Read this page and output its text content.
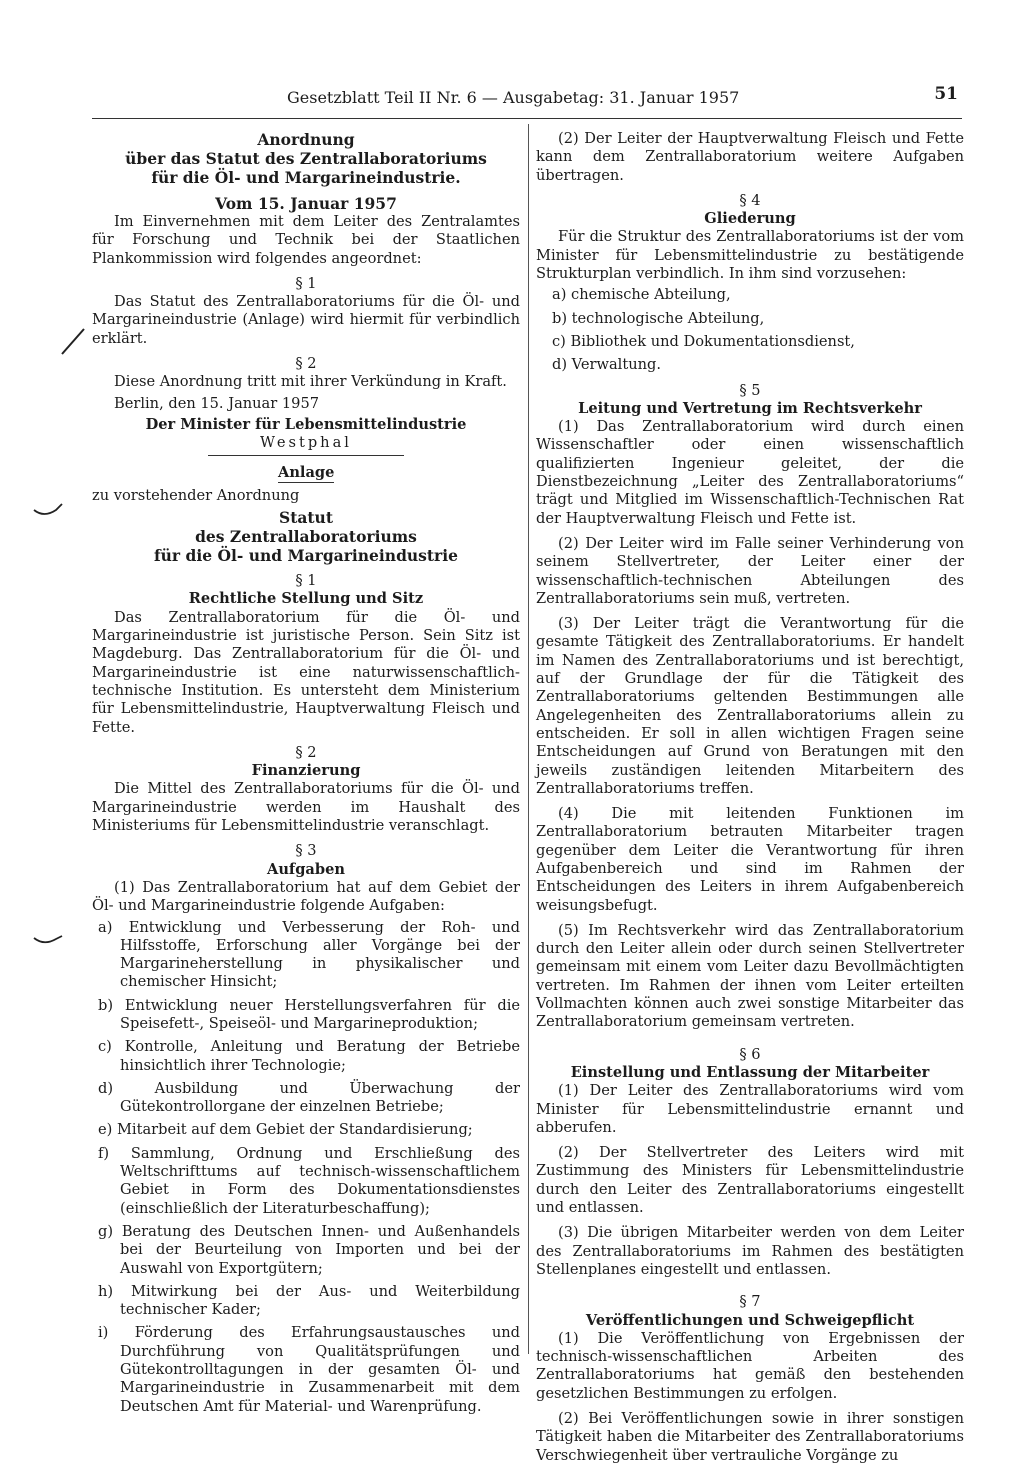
Gesetzblatt Teil II Nr. 6 — Ausgabetag: 31. Januar 1957	51
Anordnung
über das Statut des Zentrallaboratoriums
für die Öl- und Margarineindustrie.
Vom 15. Januar 1957

Im Einvernehmen mit dem Leiter des Zentralamtes für Forschung und Technik bei der Staatlichen Plankommission wird folgendes angeordnet:

§ 1

Das Statut des Zentrallaboratoriums für die Öl- und Margarineindustrie (Anlage) wird hiermit für verbindlich erklärt.

§ 2

Diese Anordnung tritt mit ihrer Verkündung in Kraft.

Berlin, den 15. Januar 1957

Der Minister für Lebensmittelindustrie
Westphal
Anlage

zu vorstehender Anordnung

Statut
des Zentrallaboratoriums
für die Öl- und Margarineindustrie
§ 1
Rechtliche Stellung und Sitz

Das Zentrallaboratorium für die Öl- und Margarineindustrie ist juristische Person. Sein Sitz ist Magdeburg. Das Zentrallaboratorium für die Öl- und Margarineindustrie ist eine naturwissenschaftlich-technische Institution. Es untersteht dem Ministerium für Lebensmittelindustrie, Hauptverwaltung Fleisch und Fette.

§ 2
Finanzierung

Die Mittel des Zentrallaboratoriums für die Öl- und Margarineindustrie werden im Haushalt des Ministeriums für Lebensmittelindustrie veranschlagt.

§ 3
Aufgaben

(1) Das Zentrallaboratorium hat auf dem Gebiet der Öl- und Margarineindustrie folgende Aufgaben:

a) Entwicklung und Verbesserung der Roh- und Hilfsstoffe, Erforschung aller Vorgänge bei der Margarineherstellung in physikalischer und chemischer Hinsicht;

b) Entwicklung neuer Herstellungsverfahren für die Speisefett-, Speiseöl- und Margarineproduktion;

c) Kontrolle, Anleitung und Beratung der Betriebe hinsichtlich ihrer Technologie;

d) Ausbildung und Überwachung der Gütekontrollorgane der einzelnen Betriebe;

e) Mitarbeit auf dem Gebiet der Standardisierung;

f) Sammlung, Ordnung und Erschließung des Weltschrifttums auf technisch-wissenschaftlichem Gebiet in Form des Dokumentationsdienstes (einschließlich der Literaturbeschaffung);

g) Beratung des Deutschen Innen- und Außenhandels bei der Beurteilung von Importen und bei der Auswahl von Exportgütern;

h) Mitwirkung bei der Aus- und Weiterbildung technischer Kader;

i) Förderung des Erfahrungsaustausches und Durchführung von Qualitätsprüfungen und Gütekontrolltagungen in der gesamten Öl- und Margarineindustrie in Zusammenarbeit mit dem Deutschen Amt für Material- und Warenprüfung.

(2) Der Leiter der Hauptverwaltung Fleisch und Fette kann dem Zentrallaboratorium weitere Aufgaben übertragen.

§ 4
Gliederung

Für die Struktur des Zentrallaboratoriums ist der vom Minister für Lebensmittelindustrie zu bestätigende Strukturplan verbindlich. In ihm sind vorzusehen:

a) chemische Abteilung,

b) technologische Abteilung,

c) Bibliothek und Dokumentationsdienst,

d) Verwaltung.

§ 5
Leitung und Vertretung im Rechtsverkehr

(1) Das Zentrallaboratorium wird durch einen Wissenschaftler oder einen wissenschaftlich qualifizierten Ingenieur geleitet, der die Dienstbezeichnung „Leiter des Zentrallaboratoriums“ trägt und Mitglied im Wissenschaftlich-Technischen Rat der Hauptverwaltung Fleisch und Fette ist.

(2) Der Leiter wird im Falle seiner Verhinderung von seinem Stellvertreter, der Leiter einer der wissenschaftlich-technischen Abteilungen des Zentrallaboratoriums sein muß, vertreten.

(3) Der Leiter trägt die Verantwortung für die gesamte Tätigkeit des Zentrallaboratoriums. Er handelt im Namen des Zentrallaboratoriums und ist berechtigt, auf der Grundlage der für die Tätigkeit des Zentrallaboratoriums geltenden Bestimmungen alle Angelegenheiten des Zentrallaboratoriums allein zu entscheiden. Er soll in allen wichtigen Fragen seine Entscheidungen auf Grund von Beratungen mit den jeweils zuständigen leitenden Mitarbeitern des Zentrallaboratoriums treffen.

(4) Die mit leitenden Funktionen im Zentrallaboratorium betrauten Mitarbeiter tragen gegenüber dem Leiter die Verantwortung für ihren Aufgabenbereich und sind im Rahmen der Entscheidungen des Leiters in ihrem Aufgabenbereich weisungsbefugt.

(5) Im Rechtsverkehr wird das Zentrallaboratorium durch den Leiter allein oder durch seinen Stellvertreter gemeinsam mit einem vom Leiter dazu Bevollmächtigten vertreten. Im Rahmen der ihnen vom Leiter erteilten Vollmachten können auch zwei sonstige Mitarbeiter das Zentrallaboratorium gemeinsam vertreten.

§ 6
Einstellung und Entlassung der Mitarbeiter

(1) Der Leiter des Zentrallaboratoriums wird vom Minister für Lebensmittelindustrie ernannt und abberufen.

(2) Der Stellvertreter des Leiters wird mit Zustimmung des Ministers für Lebensmittelindustrie durch den Leiter des Zentrallaboratoriums eingestellt und entlassen.

(3) Die übrigen Mitarbeiter werden von dem Leiter des Zentrallaboratoriums im Rahmen des bestätigten Stellenplanes eingestellt und entlassen.

§ 7
Veröffentlichungen und Schweigepflicht

(1) Die Veröffentlichung von Ergebnissen der technisch-wissenschaftlichen Arbeiten des Zentrallaboratoriums hat gemäß den bestehenden gesetzlichen Bestimmungen zu erfolgen.

(2) Bei Veröffentlichungen sowie in ihrer sonstigen Tätigkeit haben die Mitarbeiter des Zentrallaboratoriums Verschwiegenheit über vertrauliche Vorgänge zu
